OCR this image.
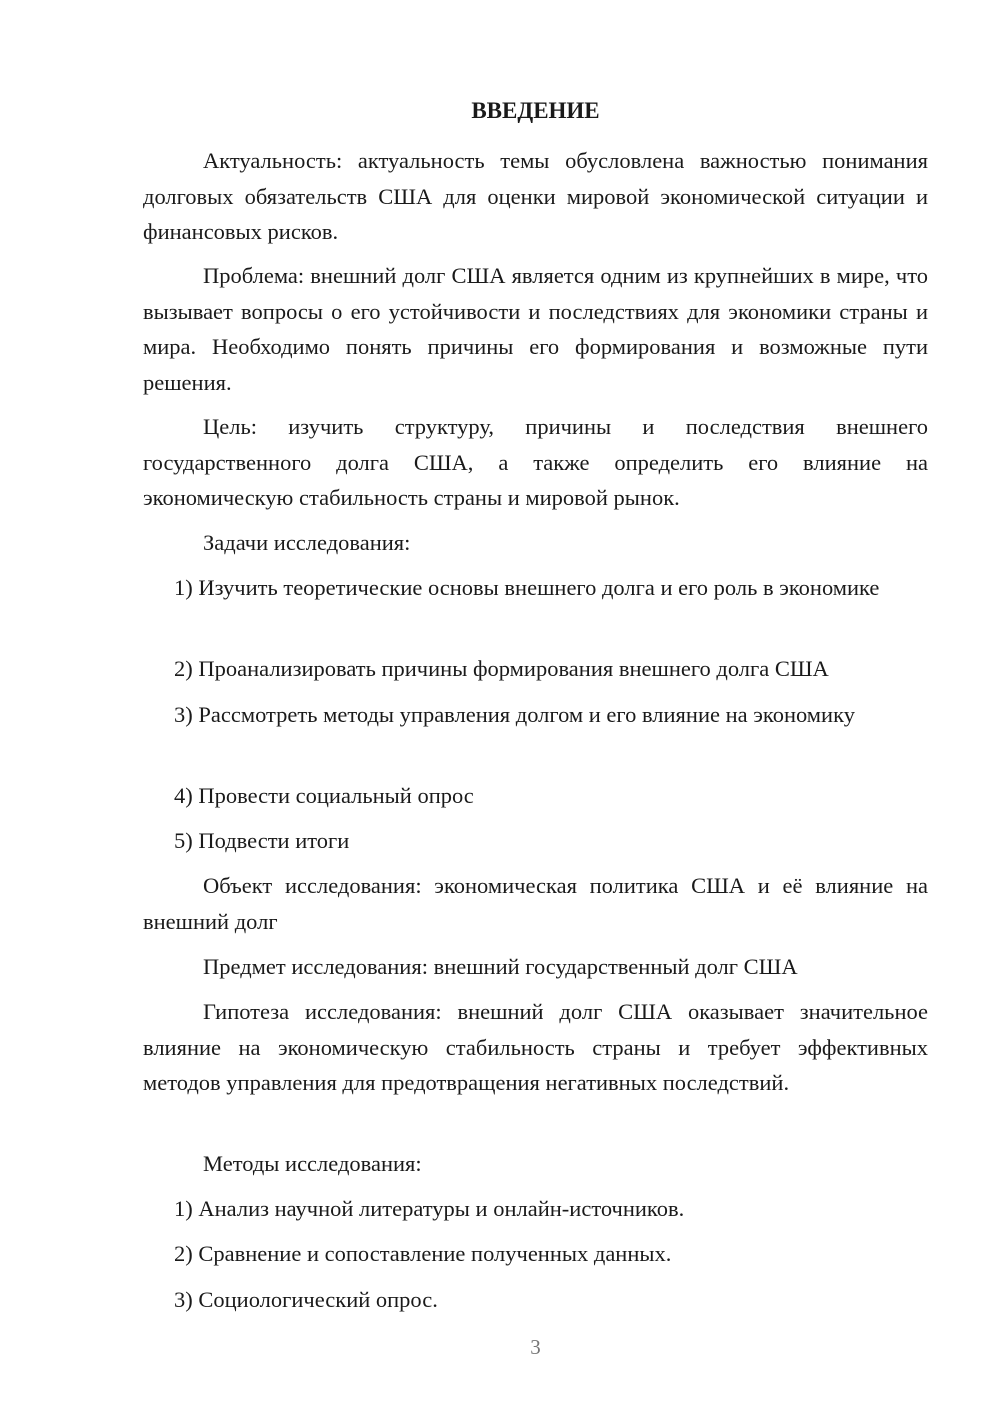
ВВЕДЕНИЕ

Актуальность: актуальность темы обусловлена важностью понимания долговых обязательств США для оценки мировой экономической ситуации и финансовых рисков.

Проблема: внешний долг США является одним из крупнейших в мире, что вызывает вопросы о его устойчивости и последствиях для экономики страны и мира. Необходимо понять причины его формирования и возможные пути решения.

Цель: изучить структуру, причины и последствия внешнего государственного долга США, а также определить его влияние на экономическую стабильность страны и мировой рынок.

Задачи исследования:

1) Изучить теоретические основы внешнего долга и его роль в экономике

2) Проанализировать причины формирования внешнего долга США

3) Рассмотреть методы управления долгом и его влияние на экономику

4) Провести социальный опрос

5) Подвести итоги

Объект исследования: экономическая политика США и её влияние на внешний долг

Предмет исследования: внешний государственный долг США

Гипотеза исследования: внешний долг США оказывает значительное влияние на экономическую стабильность страны и требует эффективных методов управления для предотвращения негативных последствий.

Методы исследования:

1) Анализ научной литературы и онлайн-источников.

2) Сравнение и сопоставление полученных данных.

3) Социологический опрос.

3
